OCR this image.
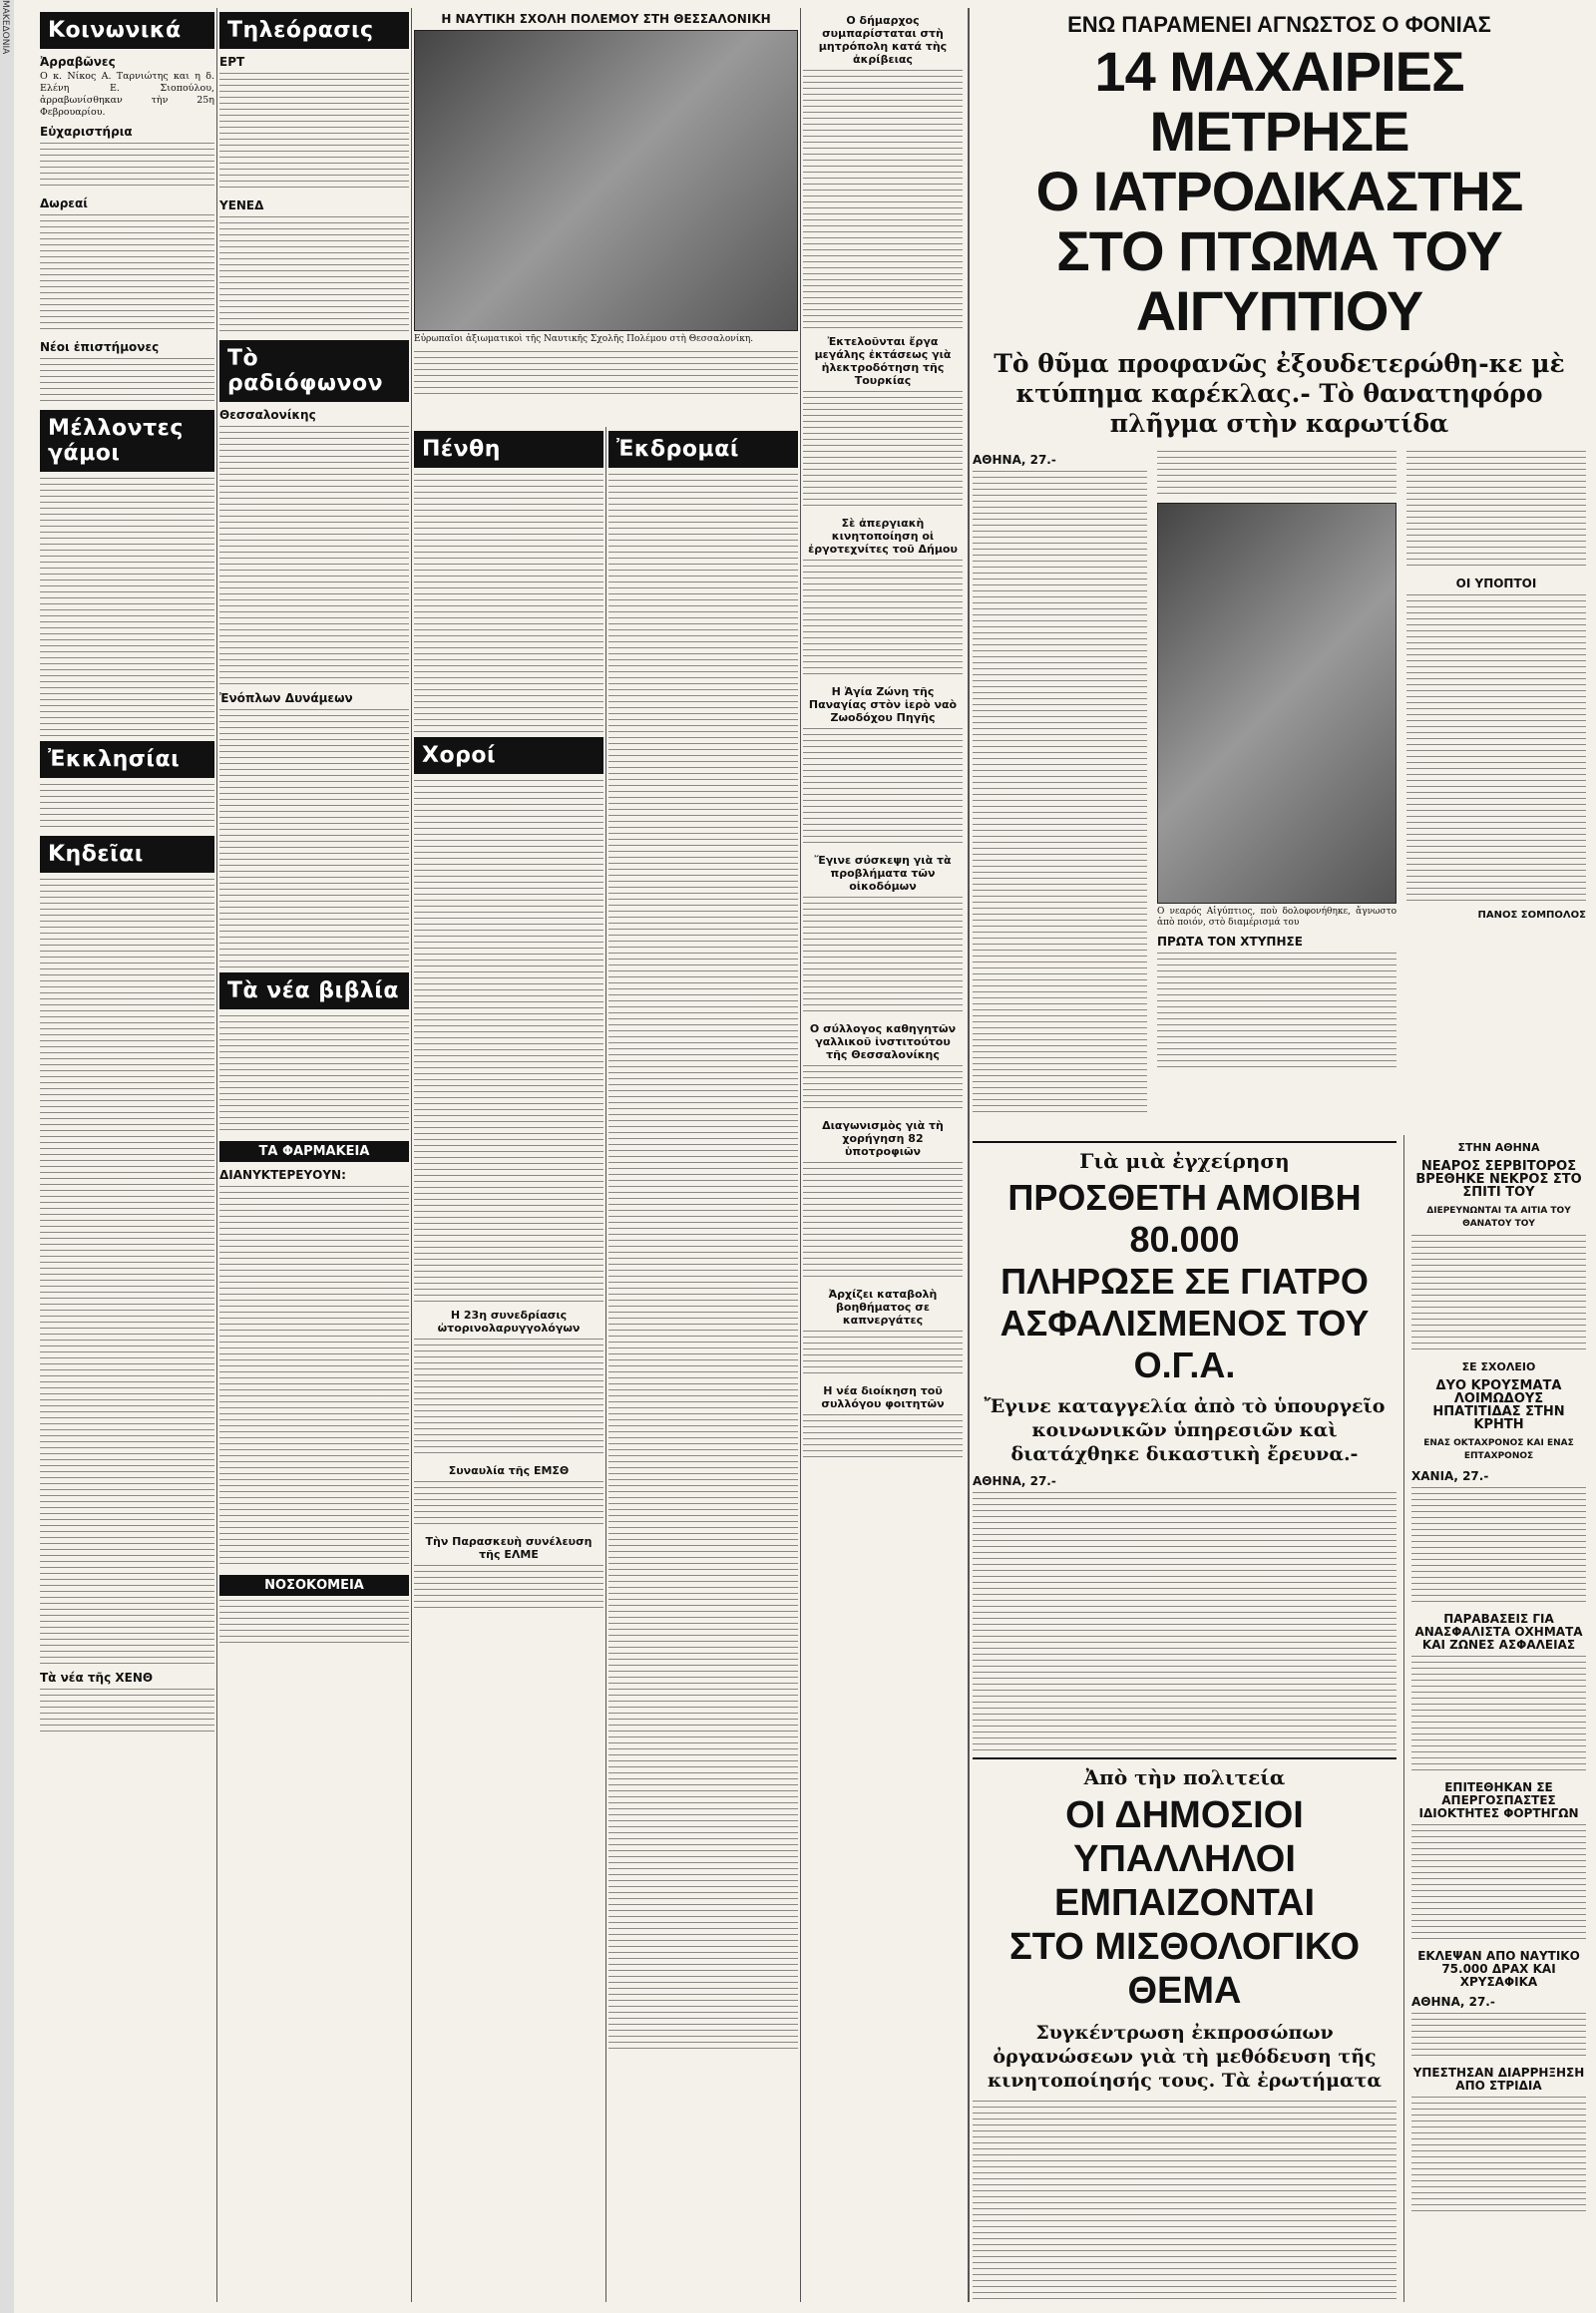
ΜΑΚΕΔΟΝΙΑ	Κοινωνικά
Ἀρραβῶνες

Ο κ. Νίκος Α. Ταρνιώτης και η δ. Ελένη Ε. Σιοπούλου, ἀρραβωνίσθηκαν τὴν 25η Φεβρουαρίου.

Εὐχαριστήρια
Δωρεαί
Νέοι ἐπιστήμονες
Μέλλοντες γάμοι
Ἐκκλησίαι
Κηδεῖαι
Τὰ νέα τῆς ΧΕΝΘ
Τηλεόρασις
ΕΡΤ
ΥΕΝΕΔ
Τὸ ραδιόφωνον
Θεσσαλονίκης
Ἐνόπλων Δυνάμεων
Τὰ νέα βιβλία
ΤΑ ΦΑΡΜΑΚΕΙΑ
ΔΙΑΝΥΚΤΕΡΕΥΟΥΝ:
ΝΟΣΟΚΟΜΕΙΑ
Η ΝΑΥΤΙΚΗ ΣΧΟΛΗ ΠΟΛΕΜΟΥ ΣΤΗ ΘΕΣΣΑΛΟΝΙΚΗ

Εὐρωπαῖοι ἀξιωματικοὶ τῆς Ναυτικῆς Σχολῆς Πολέμου στὴ Θεσσαλονίκη.

Πένθη
Χοροί
Η 23η συνεδρίασις ὠτορινολαρυγγολόγων
Συναυλία τῆς ΕΜΣΘ
Τὴν Παρασκευὴ συνέλευση τῆς ΕΛΜΕ
Ο δήμαρχος συμπαρίσταται στὴ μητρόπολη κατά τὴς ἀκρίβειας
Ἐκτελοῦνται ἔργα μεγάλης ἐκτάσεως γιὰ ἡλεκτροδότηση τῆς Τουρκίας
Σὲ ἀπεργιακὴ κινητοποίηση οἱ ἐργοτεχνίτες τοῦ Δήμου
Η Ἁγία Ζώνη τῆς Παναγίας στὸν ἱερὸ ναὸ Ζωοδόχου Πηγῆς
Ἔγινε σύσκεψη γιὰ τὰ προβλήματα τῶν οἰκοδόμων
Ο σύλλογος καθηγητῶν γαλλικοῦ ἰνστιτούτου τῆς Θεσσαλονίκης
Διαγωνισμὸς γιὰ τὴ χορήγηση 82 ὑποτροφιῶν
Ἀρχίζει καταβολὴ βοηθήματος σε καπνεργάτες
Η νέα διοίκηση τοῦ συλλόγου φοιτητῶν
Ἐκδρομαί
ΕΝΩ ΠΑΡΑΜΕΝΕΙ ΑΓΝΩΣΤΟΣ Ο ΦΟΝΙΑΣ
14 ΜΑΧΑΙΡΙΕΣ ΜΕΤΡΗΣΕ
Ο ΙΑΤΡΟΔΙΚΑΣΤΗΣ
ΣΤΟ ΠΤΩΜΑ ΤΟΥ ΑΙΓΥΠΤΙΟΥ
Τὸ θῦμα προφανῶς ἐξουδετερώθη-κε μὲ κτύπημα καρέκλας.- Τὸ θανατηφόρο πλῆγμα στὴν καρωτίδα
ΑΘΗΝΑ, 27.-

Ο νεαρός Αἰγύπτιος, ποὺ δολοφονήθηκε, ἄγνωστο ἀπὸ ποιόν, στὸ διαμέρισμά του

ΠΡΩΤΑ ΤΟΝ ΧΤΥΠΗΣΕ
ΟΙ ΥΠΟΠΤΟΙ
ΠΑΝΟΣ ΣΟΜΠΟΛΟΣ
Γιὰ μιὰ ἐγχείρηση
ΠΡΟΣΘΕΤΗ ΑΜΟΙΒΗ 80.000
ΠΛΗΡΩΣΕ ΣΕ ΓΙΑΤΡΟ
ΑΣΦΑΛΙΣΜΕΝΟΣ ΤΟΥ Ο.Γ.Α.
Ἔγινε καταγγελία ἀπὸ τὸ ὑπουργεῖο κοινωνικῶν ὑπηρεσιῶν καὶ διατάχθηκε δικαστικὴ ἔρευνα.-
ΑΘΗΝΑ, 27.-
Ἀπὸ τὴν πολιτεία
ΟΙ ΔΗΜΟΣΙΟΙ ΥΠΑΛΛΗΛΟΙ
ΕΜΠΑΙΖΟΝΤΑΙ
ΣΤΟ ΜΙΣΘΟΛΟΓΙΚΟ ΘΕΜΑ
Συγκέντρωση ἐκπροσώπων ὀργανώσεων γιὰ τὴ μεθόδευση τῆς κινητοποίησής τους. Τὰ ἐρωτήματα
ΣΤΗΝ ΑΘΗΝΑ
ΝΕΑΡΟΣ ΣΕΡΒΙΤΟΡΟΣ ΒΡΕΘΗΚΕ ΝΕΚΡΟΣ ΣΤΟ ΣΠΙΤΙ ΤΟΥ
ΔΙΕΡΕΥΝΩΝΤΑΙ ΤΑ ΑΙΤΙΑ ΤΟΥ ΘΑΝΑΤΟΥ ΤΟΥ
ΣΕ ΣΧΟΛΕΙΟ
ΔΥΟ ΚΡΟΥΣΜΑΤΑ ΛΟΙΜΩΔΟΥΣ ΗΠΑΤΙΤΙΔΑΣ ΣΤΗΝ ΚΡΗΤΗ
ΕΝΑΣ ΟΚΤΑΧΡΟΝΟΣ ΚΑΙ ΕΝΑΣ ΕΠΤΑΧΡΟΝΟΣ
ΧΑΝΙΑ, 27.-
ΠΑΡΑΒΑΣΕΙΣ ΓΙΑ ΑΝΑΣΦΑΛΙΣΤΑ ΟΧΗΜΑΤΑ ΚΑΙ ΖΩΝΕΣ ΑΣΦΑΛΕΙΑΣ
ΕΠΙΤΕΘΗΚΑΝ ΣΕ ΑΠΕΡΓΟΣΠΑΣΤΕΣ ΙΔΙΟΚΤΗΤΕΣ ΦΟΡΤΗΓΩΝ
ΕΚΛΕΨΑΝ ΑΠΟ ΝΑΥΤΙΚΟ 75.000 ΔΡΑΧ ΚΑΙ ΧΡΥΣΑΦΙΚΑ
ΑΘΗΝΑ, 27.-
ΥΠΕΣΤΗΣΑΝ ΔΙΑΡΡΗΞΗΣΗ ΑΠΟ ΣΤΡΙΔΙΑ
